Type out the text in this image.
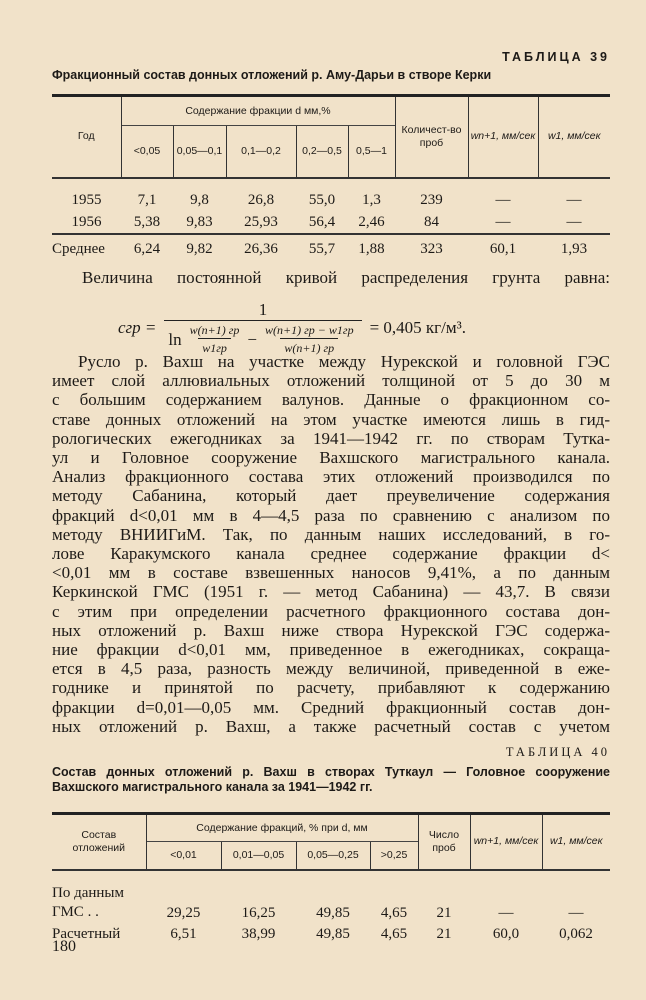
ТАБЛИЦА 39
Фракционный состав донных отложений р. Аму-Дарьи в створе Керки
Год	Содержание фракции d мм,%					Количест-во проб	wn+1, мм/сек	w1, мм/сек
	<0,05	0,05—0,1	0,1—0,2	0,2—0,5	0,5—1			

1955	7,1	9,8	26,8	55,0	1,3	239	—	—
1956	5,38	9,83	25,93	56,4	2,46	84	—	—
Среднее	6,24	9,82	26,36	55,7	1,88	323	60,1	1,93
Величина постоянной кривой распределения грунта равна:
cгр = $\frac{1}{\ln \frac{w(n+1) гр}{w1гр} - \frac{w(n+1) гр - w1гр}{w(n+1) гр}} = 0,405$ кг/м³.
Русло р. Вахш на участке между Нурекской и головной ГЭС
имеет слой аллювиальных отложений толщиной от 5 до 30 м
с большим содержанием валунов. Данные о фракционном со-
ставе донных отложений на этом участке имеются лишь в гид-
рологических ежегодниках за 1941—1942 гг. по створам Тутка-
ул и Головное сооружение Вахшского магистрального канала.
Анализ фракционного состава этих отложений производился по
методу Сабанина, который дает преувеличение содержания
фракций d<0,01 мм в 4—4,5 раза по сравнению с анализом по
методу ВНИИГиМ. Так, по данным наших исследований, в го-
лове Каракумского канала среднее содержание фракции d<
<0,01 мм в составе взвешенных наносов 9,41%, а по данным
Керкинской ГМС (1951 г. — метод Сабанина) — 43,7. В связи
с этим при определении расчетного фракционного состава дон-
ных отложений р. Вахш ниже створа Нурекской ГЭС содержа-
ние фракции d<0,01 мм, приведенное в ежегодниках, сокраща-
ется в 4,5 раза, разность между величиной, приведенной в еже-
годнике и принятой по расчету, прибавляют к содержанию
фракции d=0,01—0,05 мм. Средний фракционный состав дон-
ных отложений р. Вахш, а также расчетный состав с учетом
ТАБЛИЦА 40
Состав донных отложений р. Вахш в створах Туткаул — Головное сооружение Вахшского магистрального канала за 1941—1942 гг.
Состав отложений	Содержание фракций, % при d, мм				Число проб	wn+1, мм/сек	w1, мм/сек
	<0,01	0,01—0,05	0,05—0,25	>0,25			

По данным ГМС . .	29,25	16,25	49,85	4,65	21	—	—
Расчетный	6,51	38,99	49,85	4,65	21	60,0	0,062
180
